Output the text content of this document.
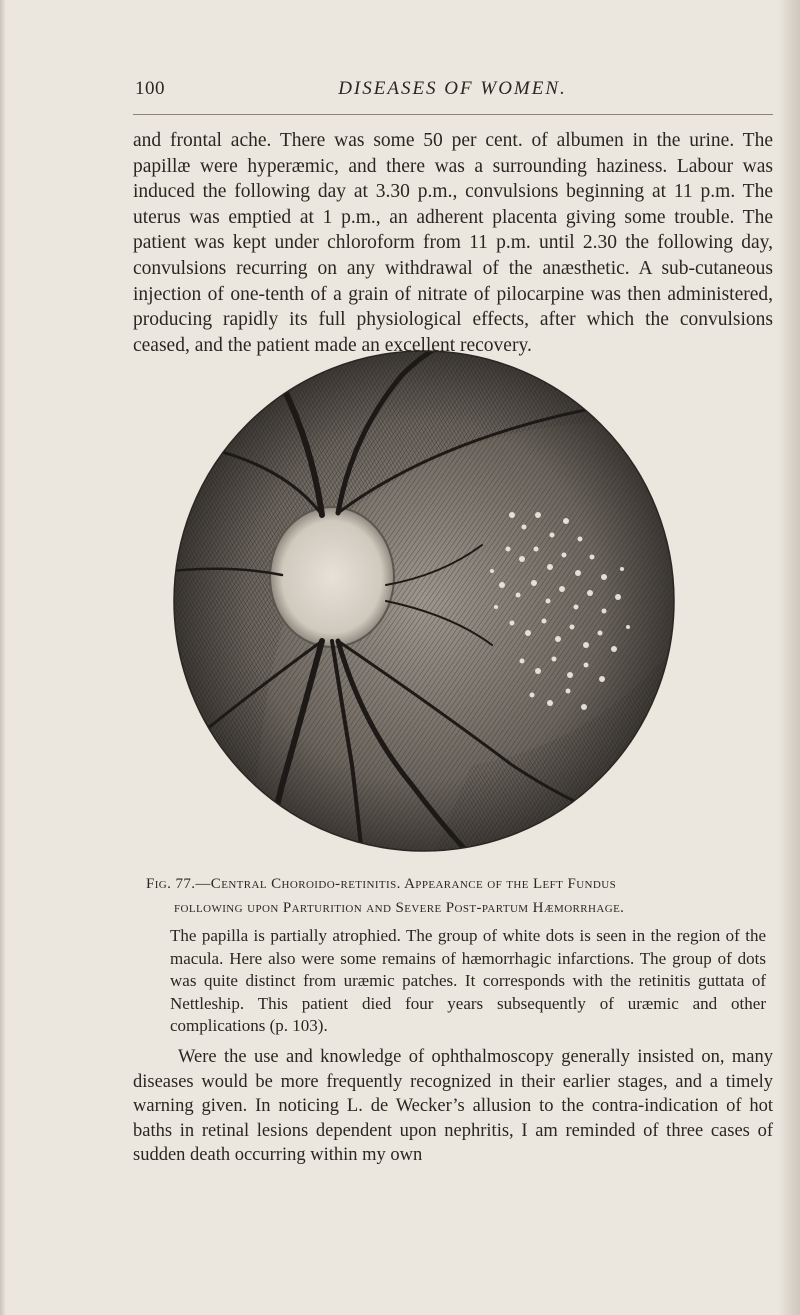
100	DISEASES OF WOMEN.

and frontal ache. There was some 50 per cent. of albumen in the urine. The papillæ were hyperæmic, and there was a surrounding haziness. Labour was induced the following day at 3.30 p.m., convulsions beginning at 11 p.m. The uterus was emptied at 1 p.m., an adherent placenta giving some trouble. The patient was kept under chloroform from 11 p.m. until 2.30 the following day, convulsions recurring on any withdrawal of the anæsthetic. A sub-cutaneous injection of one-tenth of a grain of nitrate of pilocarpine was then administered, producing rapidly its full physiological effects, after which the convulsions ceased, and the patient made an excellent recovery.

Fig. 77.—Central Choroido-retinitis. Appearance of the Left Fundus
following upon Parturition and Severe Post-partum Hæmorrhage.

The papilla is partially atrophied. The group of white dots is seen in the region of the macula. Here also were some remains of hæmorrhagic infarctions. The group of dots was quite distinct from uræmic patches. It corresponds with the retinitis guttata of Nettleship. This patient died four years subsequently of uræmic and other complications (p. 103).

Were the use and knowledge of ophthalmoscopy generally insisted on, many diseases would be more frequently recognized in their earlier stages, and a timely warning given. In noticing L. de Wecker’s allusion to the contra-indication of hot baths in retinal lesions dependent upon nephritis, I am reminded of three cases of sudden death occurring within my own
